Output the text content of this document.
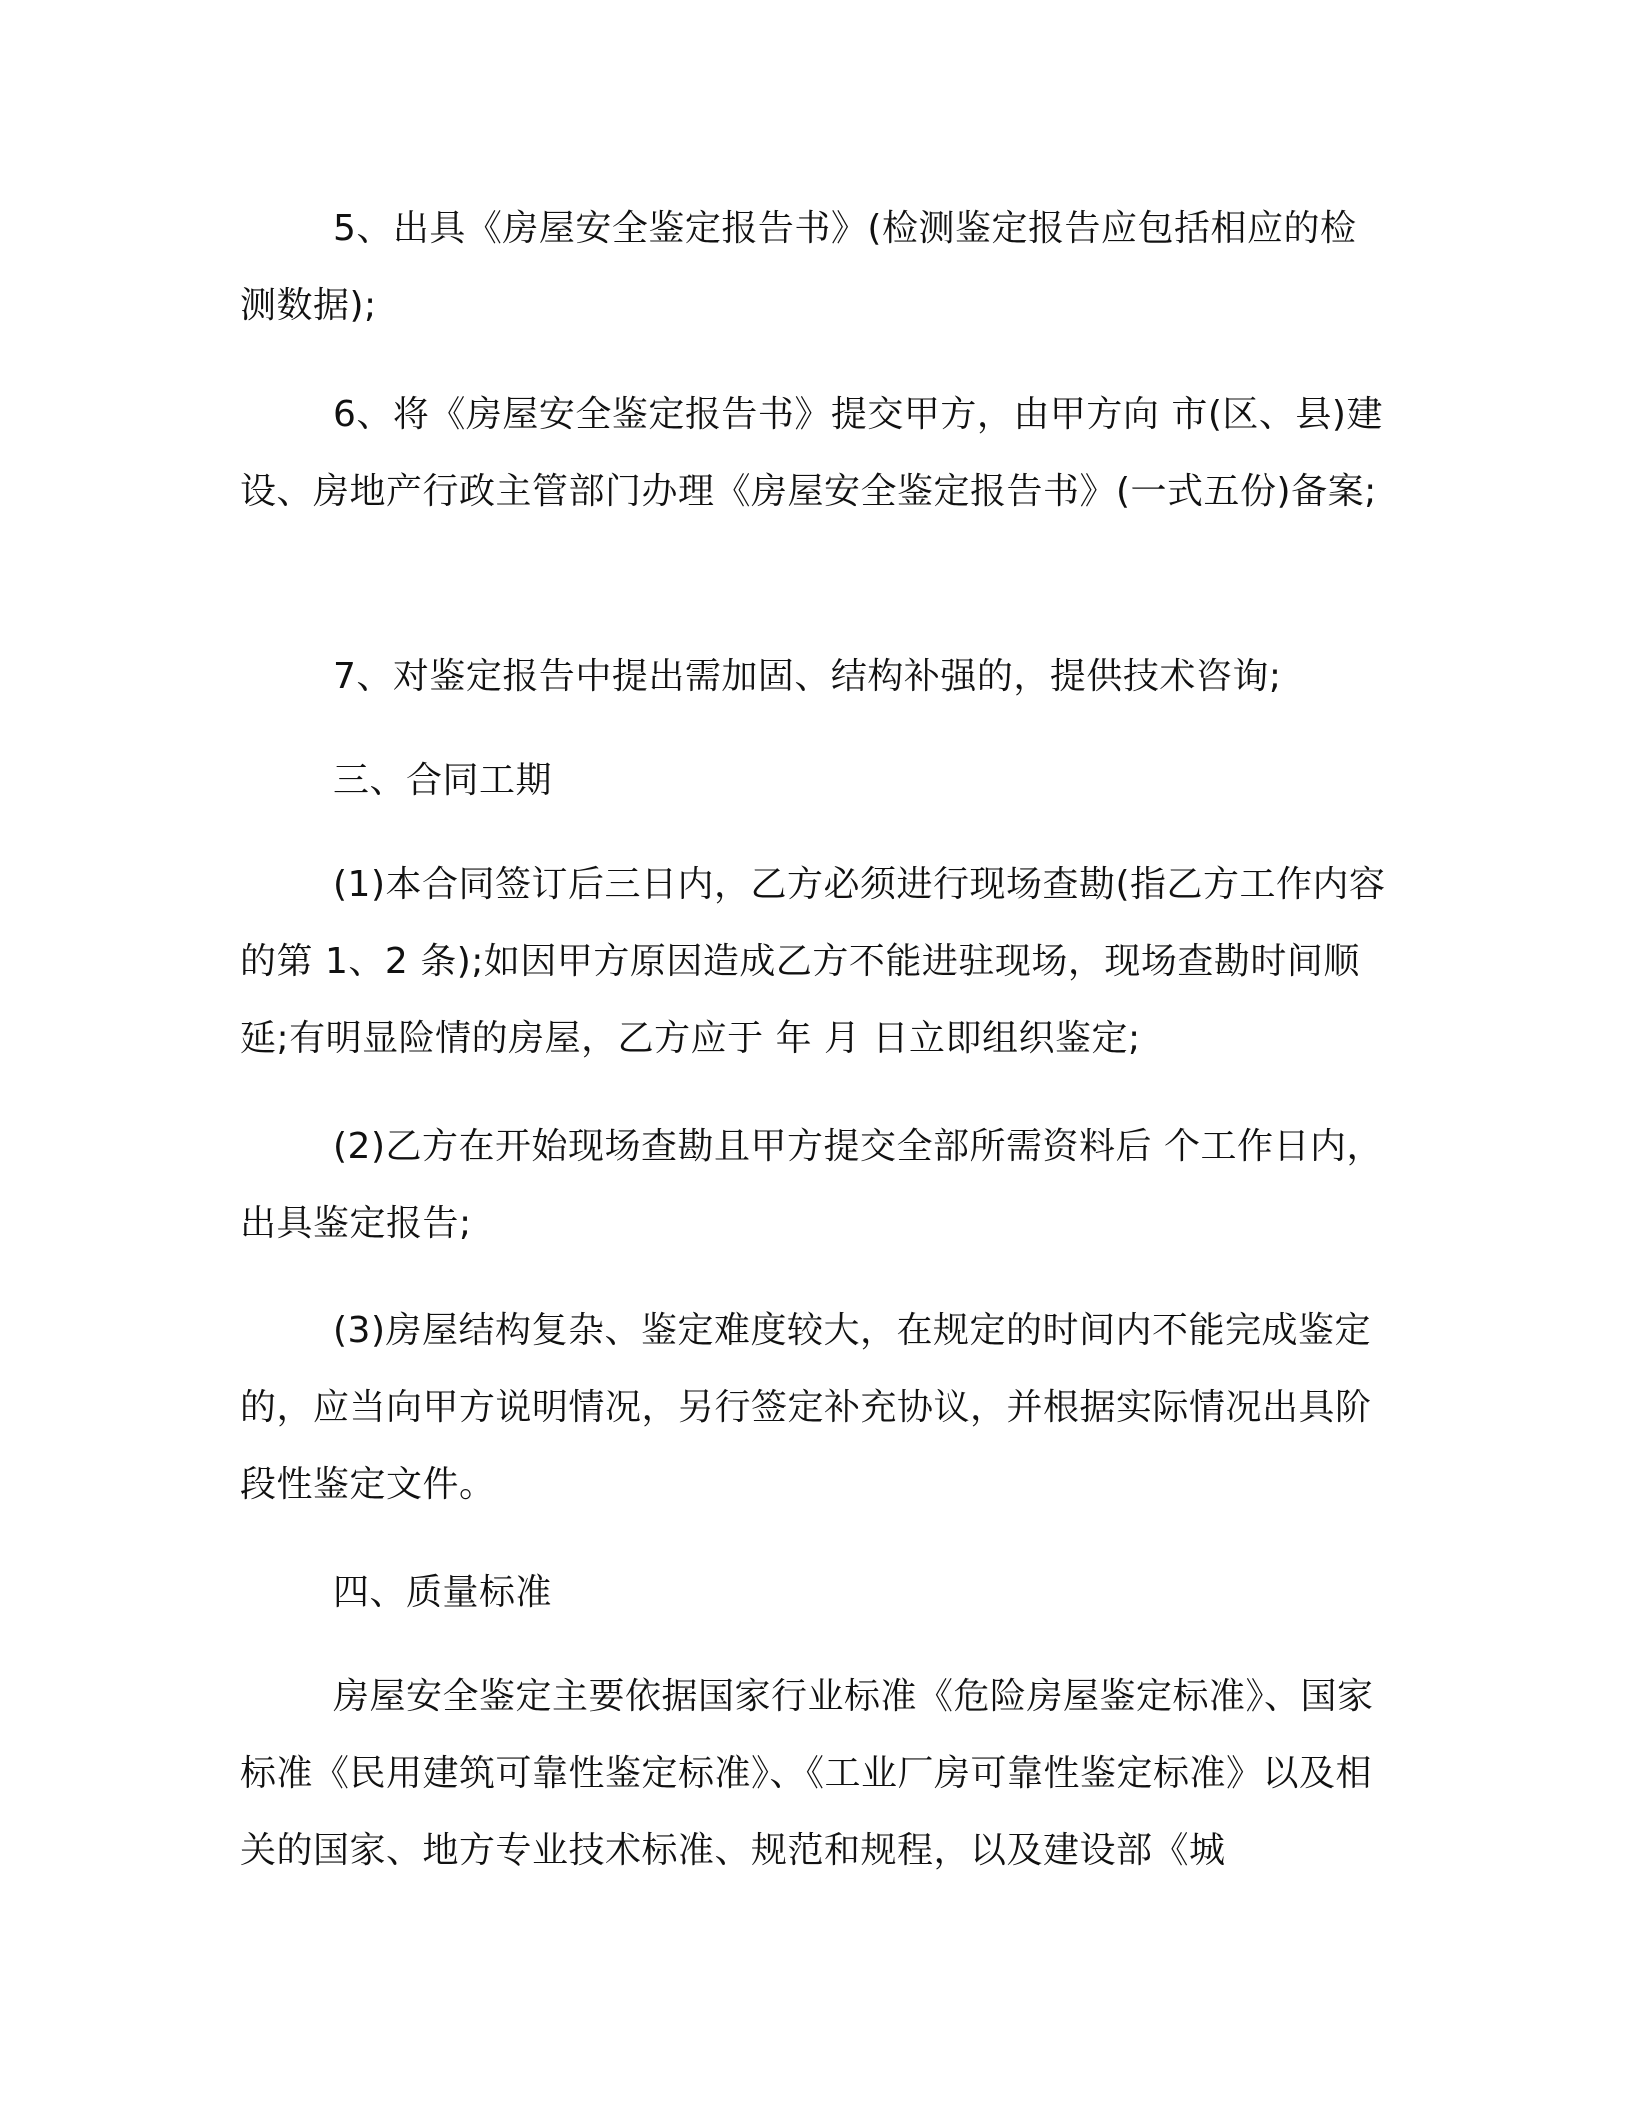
5、出具《房屋安全鉴定报告书》(检测鉴定报告应包括相应的检测数据);

6、将《房屋安全鉴定报告书》提交甲方，由甲方向 市(区、县)建设、房地产行政主管部门办理《房屋安全鉴定报告书》(一式五份)备案;

7、对鉴定报告中提出需加固、结构补强的，提供技术咨询;

三、合同工期

(1)本合同签订后三日内，乙方必须进行现场查勘(指乙方工作内容的第 1、2 条);如因甲方原因造成乙方不能进驻现场，现场查勘时间顺延;有明显险情的房屋，乙方应于 年 月 日立即组织鉴定;

(2)乙方在开始现场查勘且甲方提交全部所需资料后 个工作日内，出具鉴定报告;

(3)房屋结构复杂、鉴定难度较大，在规定的时间内不能完成鉴定的，应当向甲方说明情况，另行签定补充协议，并根据实际情况出具阶段性鉴定文件。

四、质量标准

房屋安全鉴定主要依据国家行业标准《危险房屋鉴定标准》、国家标准《民用建筑可靠性鉴定标准》、《工业厂房可靠性鉴定标准》以及相关的国家、地方专业技术标准、规范和规程，以及建设部《城
